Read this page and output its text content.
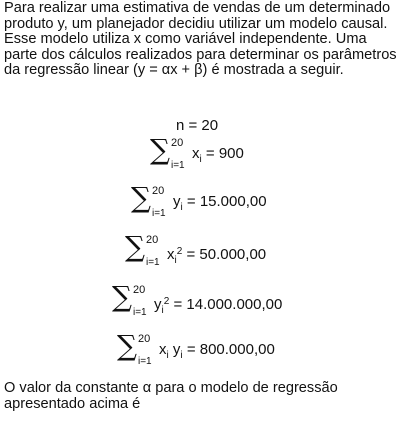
Para realizar uma estimativa de vendas de um determinado produto y, um planejador decidiu utilizar um modelo causal. Esse modelo utiliza x como variável independente. Uma parte dos cálculos realizados para determinar os parâmetros da regressão linear (y = αx + β) é mostrada a seguir.

n = 20
∑ 20
i=1
$x_i = 900$
∑ 20
i=1
$y_i = 15.000,00$
∑ 20
i=1 $x_i^2 = 50.000,00$
∑ 20
i=1 $y_i^2 = 14.000.000,00$
∑ 20
i=1
$x_i$ $y_i = 800.000,00$

O valor da constante α para o modelo de regressão apresentado acima é
